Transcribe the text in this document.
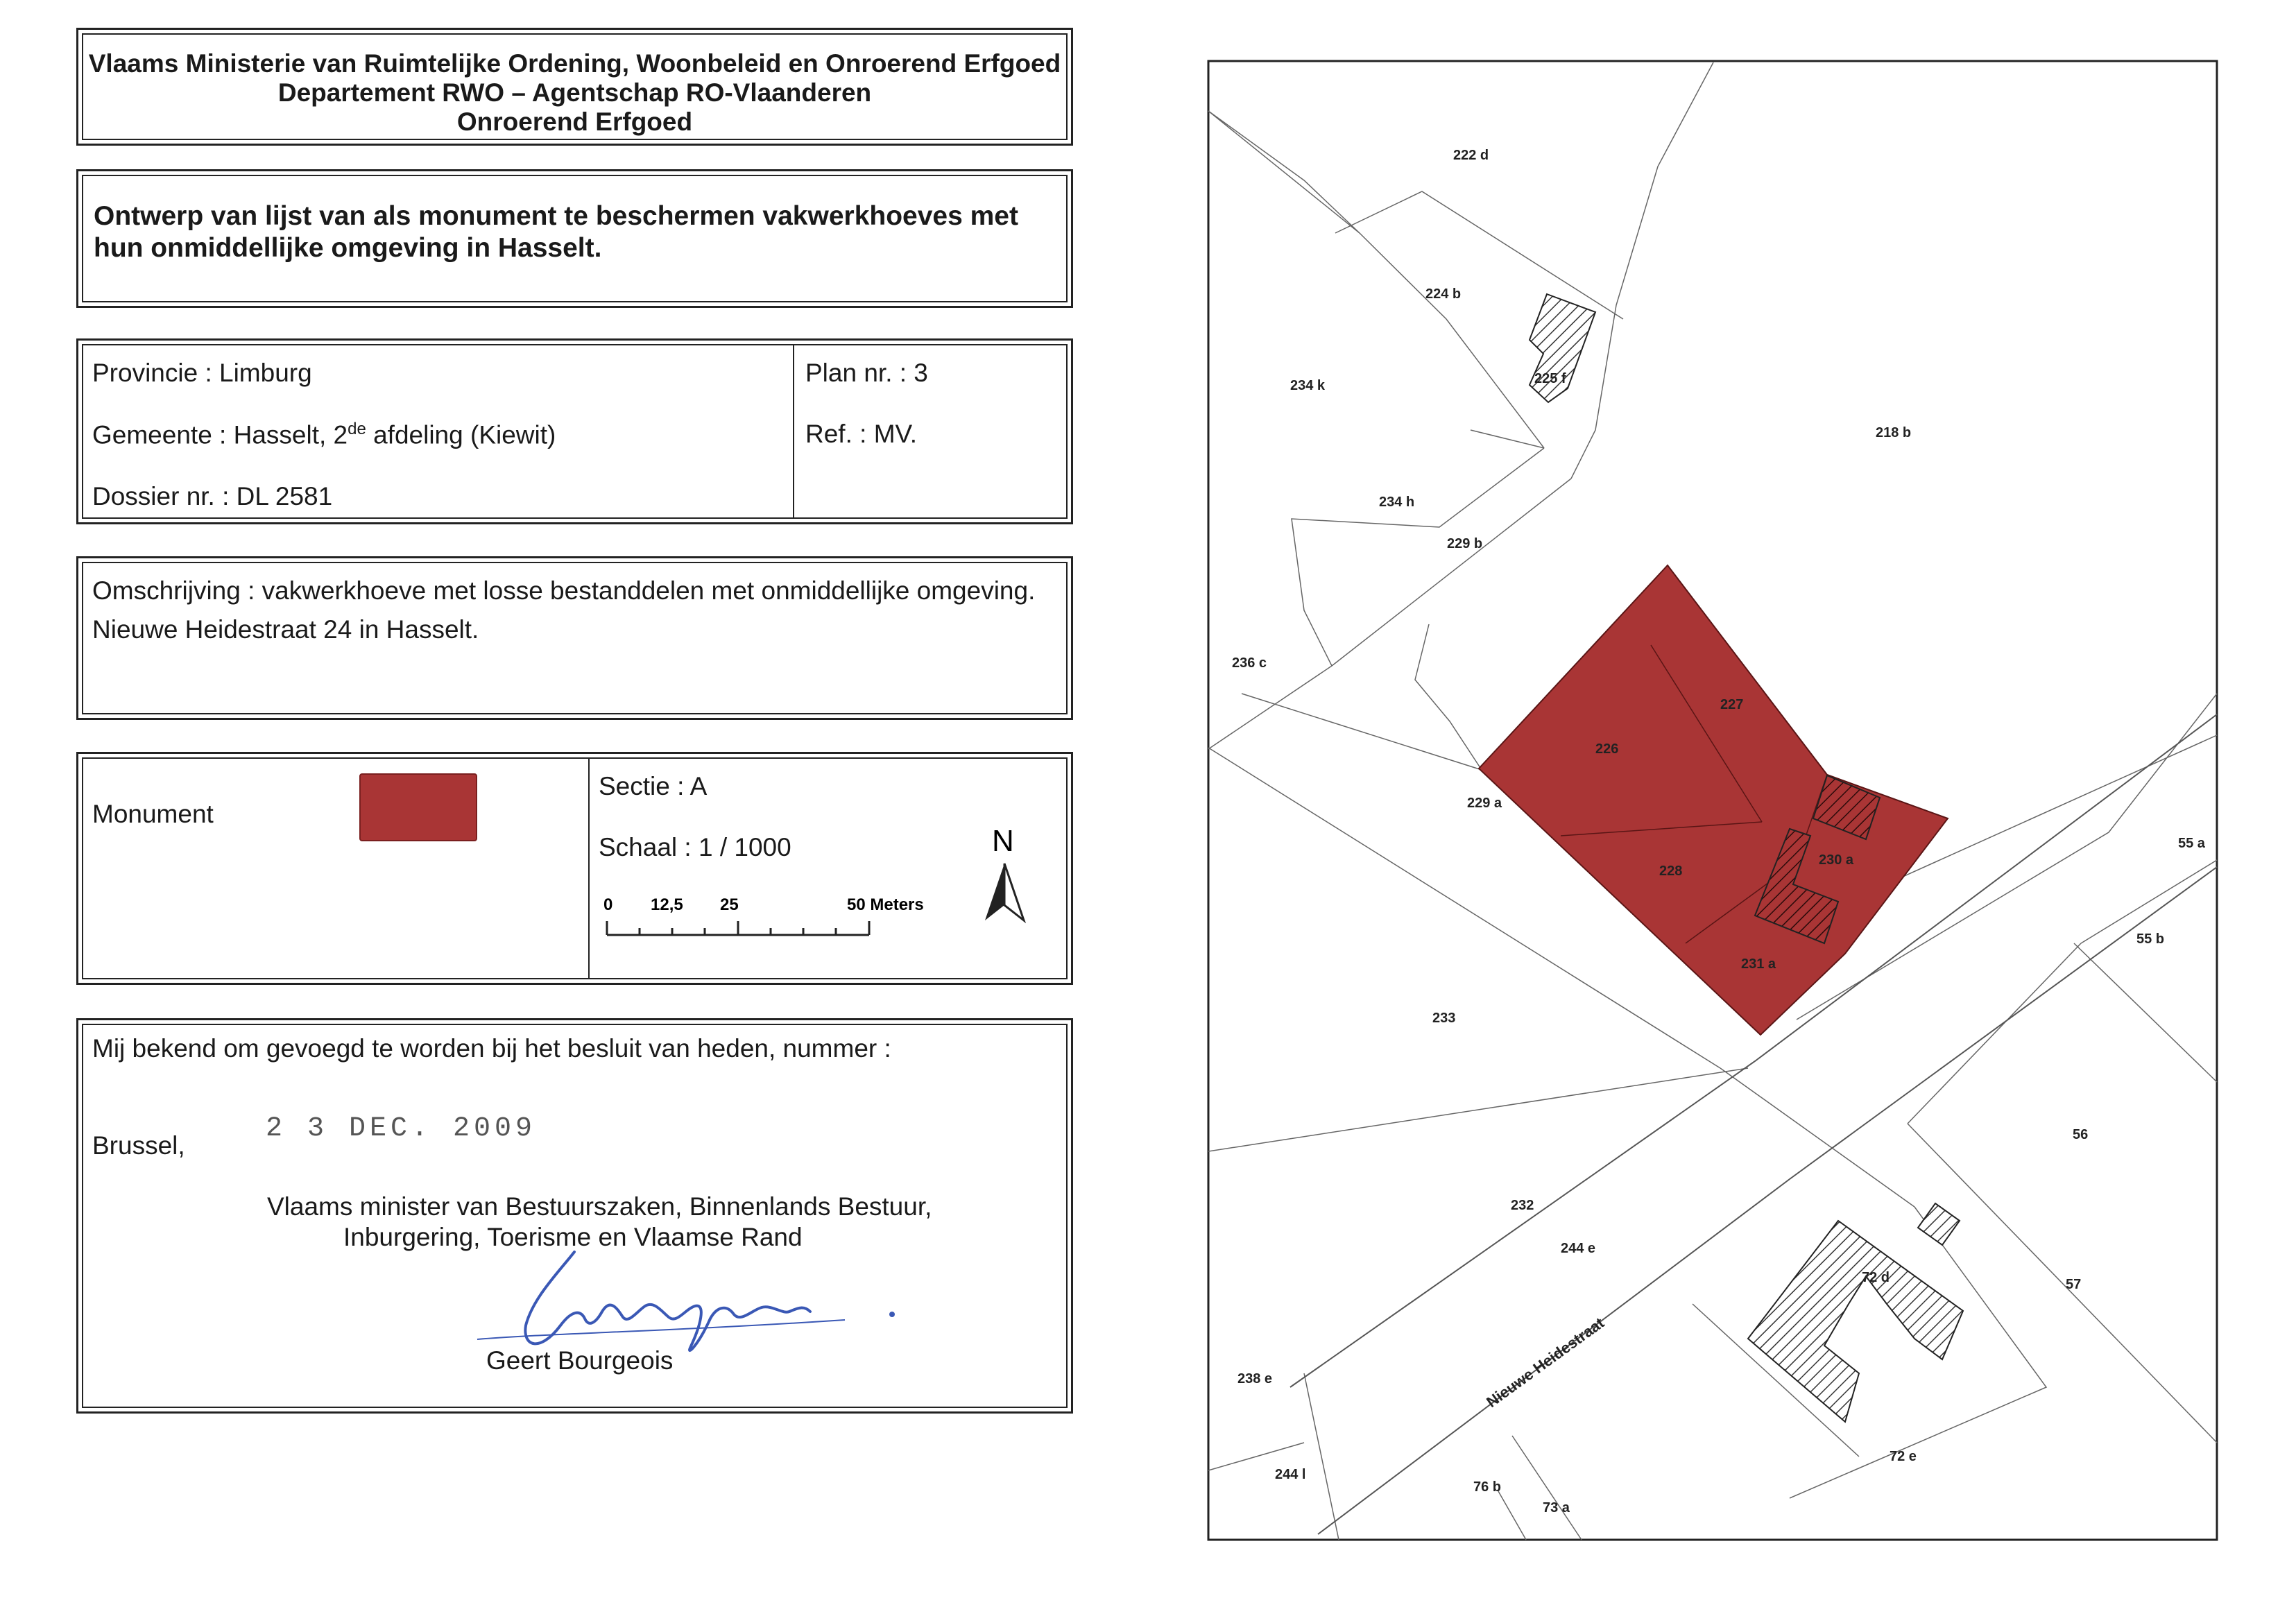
Vlaams Ministerie van Ruimtelijke Ordening, Woonbeleid en Onroerend Erfgoed
Departement RWO – Agentschap RO-Vlaanderen
Onroerend Erfgoed
Ontwerp van lijst van als monument te beschermen vakwerkhoeves met
hun onmiddellijke omgeving in Hasselt.
Provincie : Limburg
Gemeente : Hasselt, 2de afdeling (Kiewit)
Dossier nr. : DL 2581
Plan nr. : 3
Ref. : MV.
Omschrijving : vakwerkhoeve met losse bestanddelen met onmiddellijke omgeving.
Nieuwe Heidestraat 24 in Hasselt.
Monument
Sectie : A
Schaal : 1 / 1000
0 12,5 25	50 Meters
N
Mij bekend om gevoegd te worden bij het besluit van heden, nummer :
Brussel,
2 3 DEC. 2009
Vlaams minister van Bestuurszaken, Binnenlands Bestuur,
Inburgering, Toerisme en Vlaamse Rand
Geert Bourgeois
222 d
224 b
225 f
234 k
218 b
234 h
229 b
236 c
227
226
229 a
230 a
228
55 a
231 a
55 b
233
56
232
244 e
72 d	57
238 e
72 e
244 l
76 b
73 a
Nieuwe Heidestraat
